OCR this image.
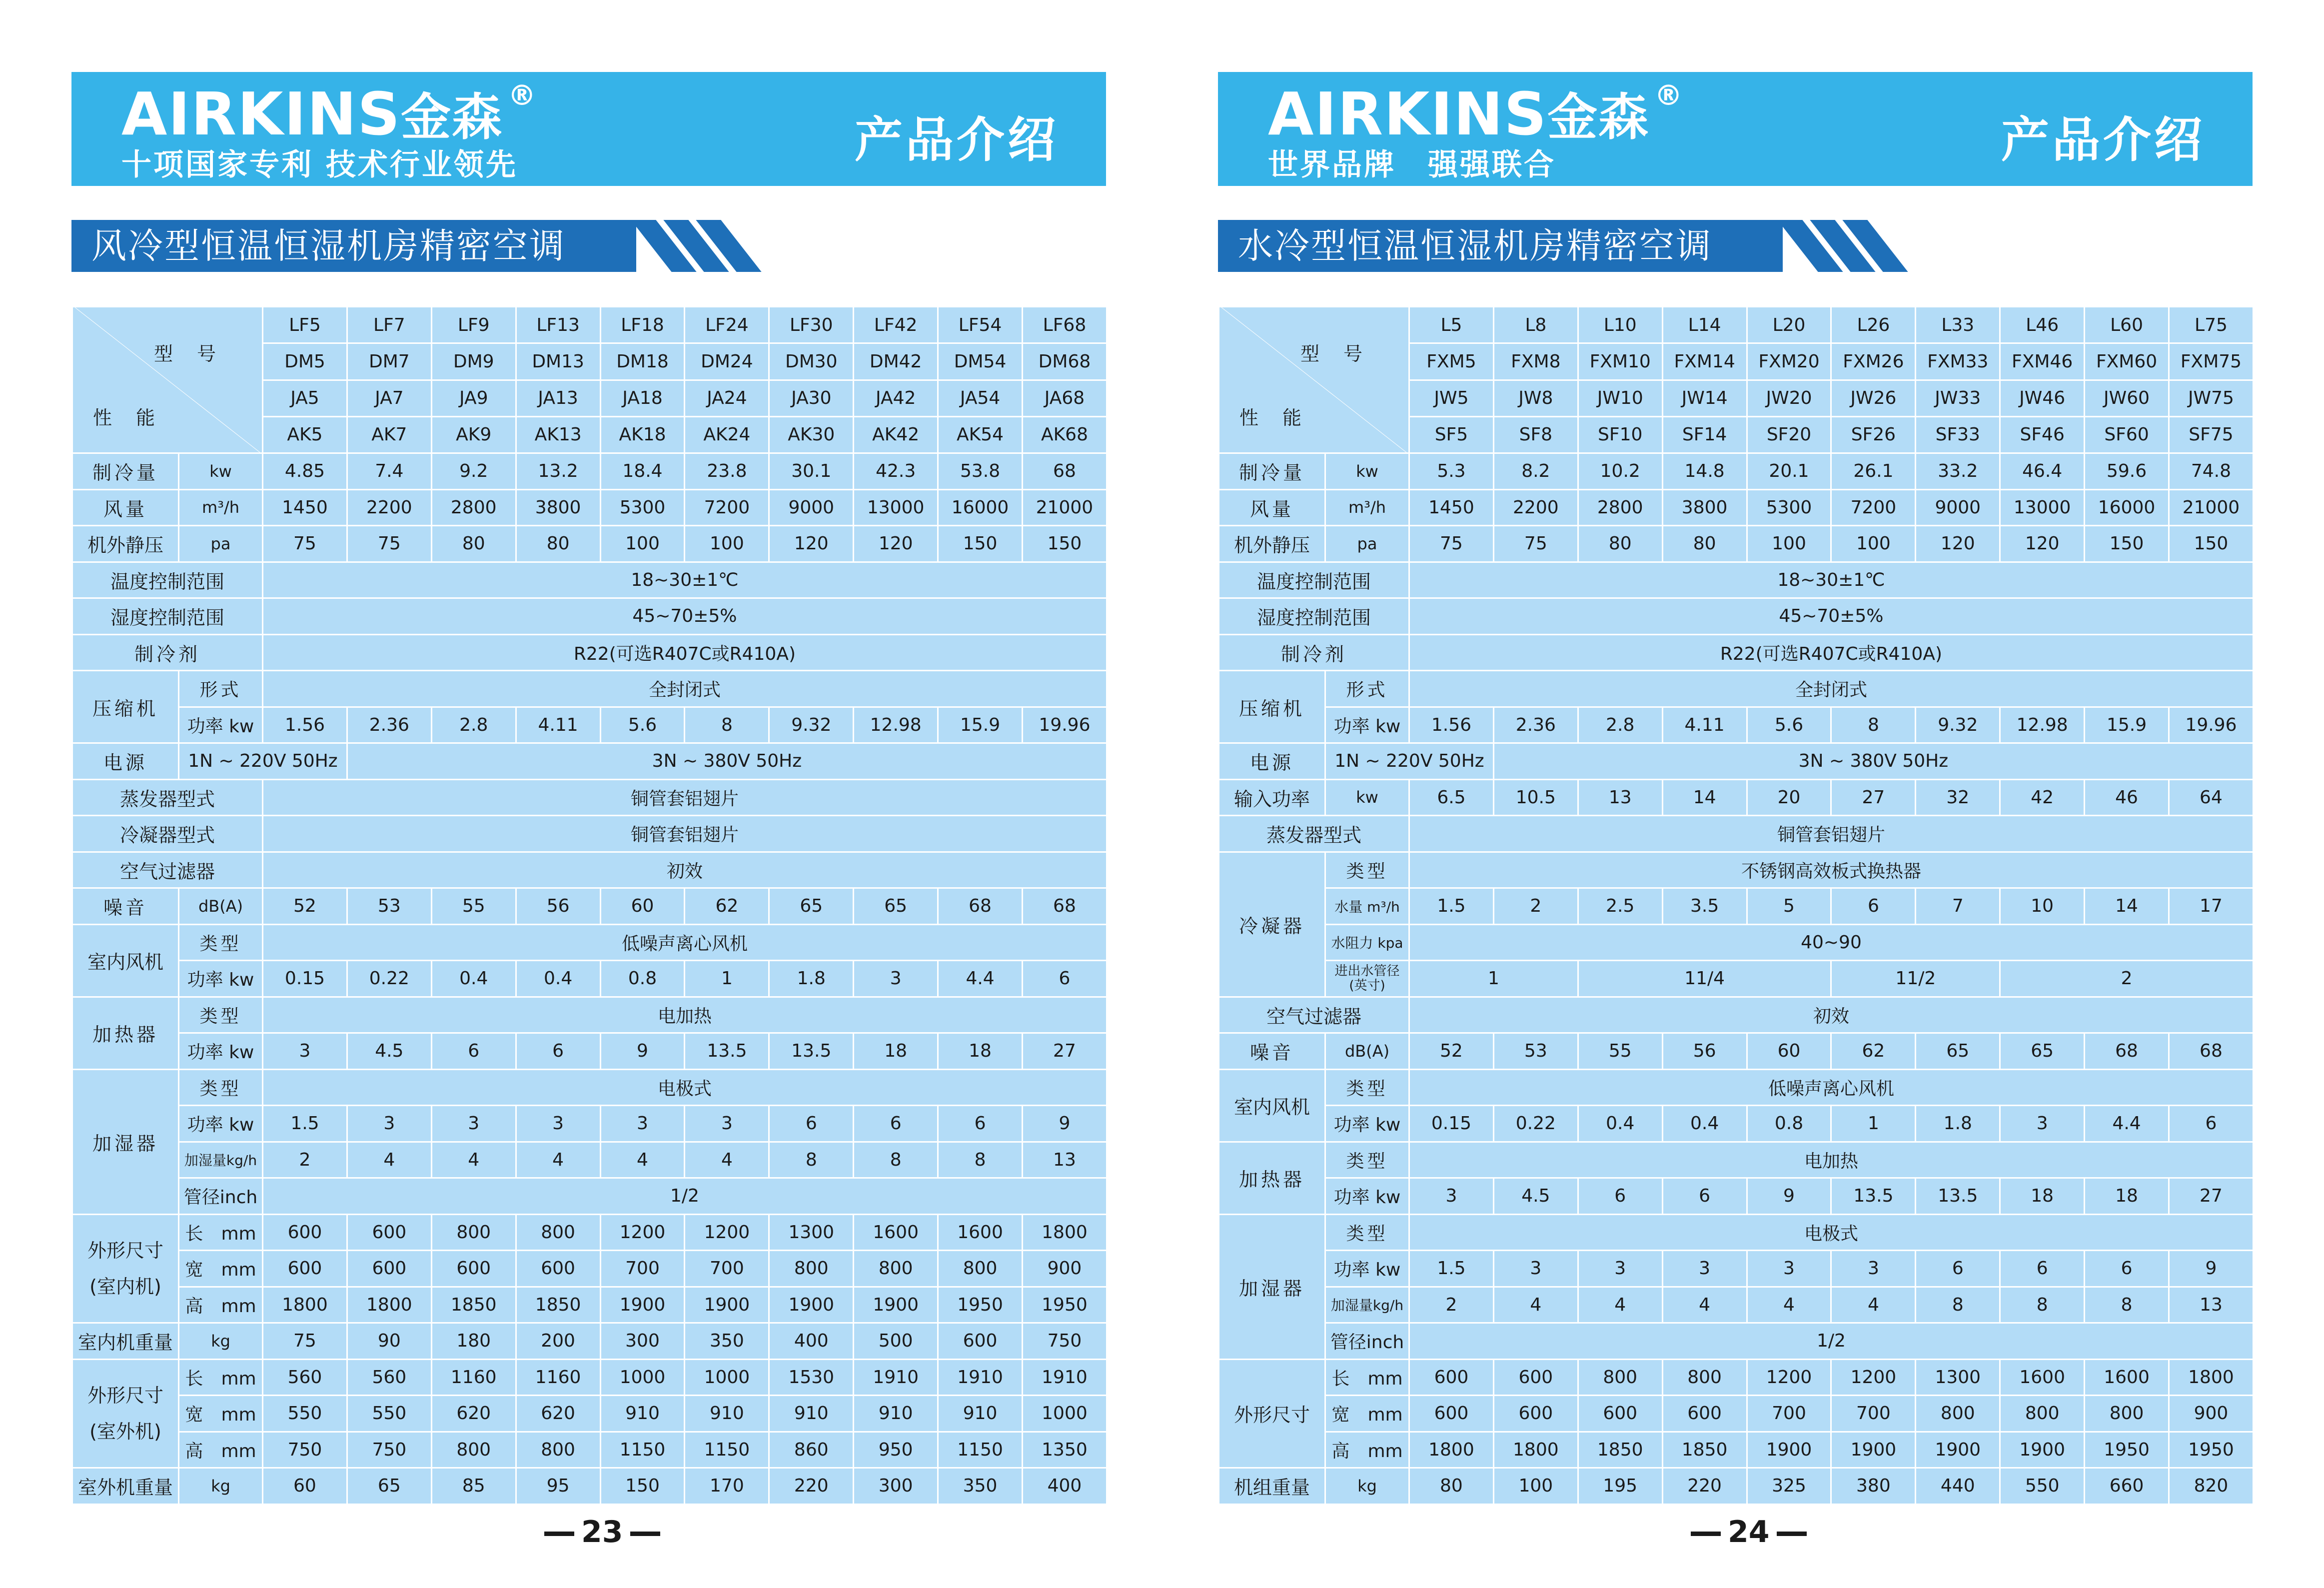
AIRKINS金森 ®
十项国家专利 技术行业领先	产品介绍
风冷型恒温恒湿机房精密空调
型号
性能		LF5	LF7	LF9	LF13	LF18	LF24	LF30	LF42	LF54	LF68
		DM5	DM7	DM9	DM13	DM18	DM24	DM30	DM42	DM54	DM68
		JA5	JA7	JA9	JA13	JA18	JA24	JA30	JA42	JA54	JA68
		AK5	AK7	AK9	AK13	AK18	AK24	AK30	AK42	AK54	AK68
制冷量	kw	4.85	7.4	9.2	13.2	18.4	23.8	30.1	42.3	53.8	68
风量	m³/h	1450	2200	2800	3800	5300	7200	9000	13000	16000	21000
机外静压	pa	75	75	80	80	100	100	120	120	150	150
温度控制范围		18~30±1℃									
湿度控制范围		45~70±5%									
制冷剂		R22(可选R407C或R410A)									
压缩机	形式	全封闭式									
	功率 kw	1.56	2.36	2.8	4.11	5.6	8	9.32	12.98	15.9	19.96
电源	1N ~ 220V 50Hz		3N ~ 380V 50Hz								
蒸发器型式		铜管套铝翅片									
冷凝器型式		铜管套铝翅片									
空气过滤器		初效									
噪音	dB(A)	52	53	55	56	60	62	65	65	68	68
室内风机	类型	低噪声离心风机									
	功率 kw	0.15	0.22	0.4	0.4	0.8	1	1.8	3	4.4	6
加热器	类型	电加热									
	功率 kw	3	4.5	6	6	9	13.5	13.5	18	18	27
加湿器	类型	电极式									
	功率 kw	1.5	3	3	3	3	3	6	6	6	9
	加湿量kg/h	2	4	4	4	4	4	8	8	8	13
	管径inch	1/2									
外形尺寸
(室内机)	长　 mm	600	600	800	800	1200	1200	1300	1600	1600	1800
	宽　 mm	600	600	600	600	700	700	800	800	800	900
	高　 mm	1800	1800	1850	1850	1900	1900	1900	1900	1950	1950
室内机重量	kg	75	90	180	200	300	350	400	500	600	750
外形尺寸
(室外机)	长　 mm	560	560	1160	1160	1000	1000	1530	1910	1910	1910
	宽　 mm	550	550	620	620	910	910	910	910	910	1000
	高　 mm	750	750	800	800	1150	1150	860	950	1150	1350
室外机重量	kg	60	65	85	95	150	170	220	300	350	400
23
AIRKINS金森 ®
世界品牌　强强联合	产品介绍
水冷型恒温恒湿机房精密空调
型号
性能		L5	L8	L10	L14	L20	L26	L33	L46	L60	L75
		FXM5	FXM8	FXM10	FXM14	FXM20	FXM26	FXM33	FXM46	FXM60	FXM75
		JW5	JW8	JW10	JW14	JW20	JW26	JW33	JW46	JW60	JW75
		SF5	SF8	SF10	SF14	SF20	SF26	SF33	SF46	SF60	SF75
制冷量	kw	5.3	8.2	10.2	14.8	20.1	26.1	33.2	46.4	59.6	74.8
风量	m³/h	1450	2200	2800	3800	5300	7200	9000	13000	16000	21000
机外静压	pa	75	75	80	80	100	100	120	120	150	150
温度控制范围		18~30±1℃									
湿度控制范围		45~70±5%									
制冷剂		R22(可选R407C或R410A)									
压缩机	形式	全封闭式									
	功率 kw	1.56	2.36	2.8	4.11	5.6	8	9.32	12.98	15.9	19.96
电源	1N ~ 220V 50Hz		3N ~ 380V 50Hz								
输入功率	kw	6.5	10.5	13	14	20	27	32	42	46	64
蒸发器型式		铜管套铝翅片									
冷凝器	类型	不锈钢高效板式换热器									
	水量 m³/h	1.5	2	2.5	3.5	5	6	7	10	14	17
	水阻力 kpa	40~90									
	进出水管径
(英寸)	1		11/4			11/2		2		
空气过滤器		初效									
噪音	dB(A)	52	53	55	56	60	62	65	65	68	68
室内风机	类型	低噪声离心风机									
	功率 kw	0.15	0.22	0.4	0.4	0.8	1	1.8	3	4.4	6
加热器	类型	电加热									
	功率 kw	3	4.5	6	6	9	13.5	13.5	18	18	27
加湿器	类型	电极式									
	功率 kw	1.5	3	3	3	3	3	6	6	6	9
	加湿量kg/h	2	4	4	4	4	4	8	8	8	13
	管径inch	1/2									
外形尺寸	长　 mm	600	600	800	800	1200	1200	1300	1600	1600	1800
	宽　 mm	600	600	600	600	700	700	800	800	800	900
	高　 mm	1800	1800	1850	1850	1900	1900	1900	1900	1950	1950
机组重量	kg	80	100	195	220	325	380	440	550	660	820
24
